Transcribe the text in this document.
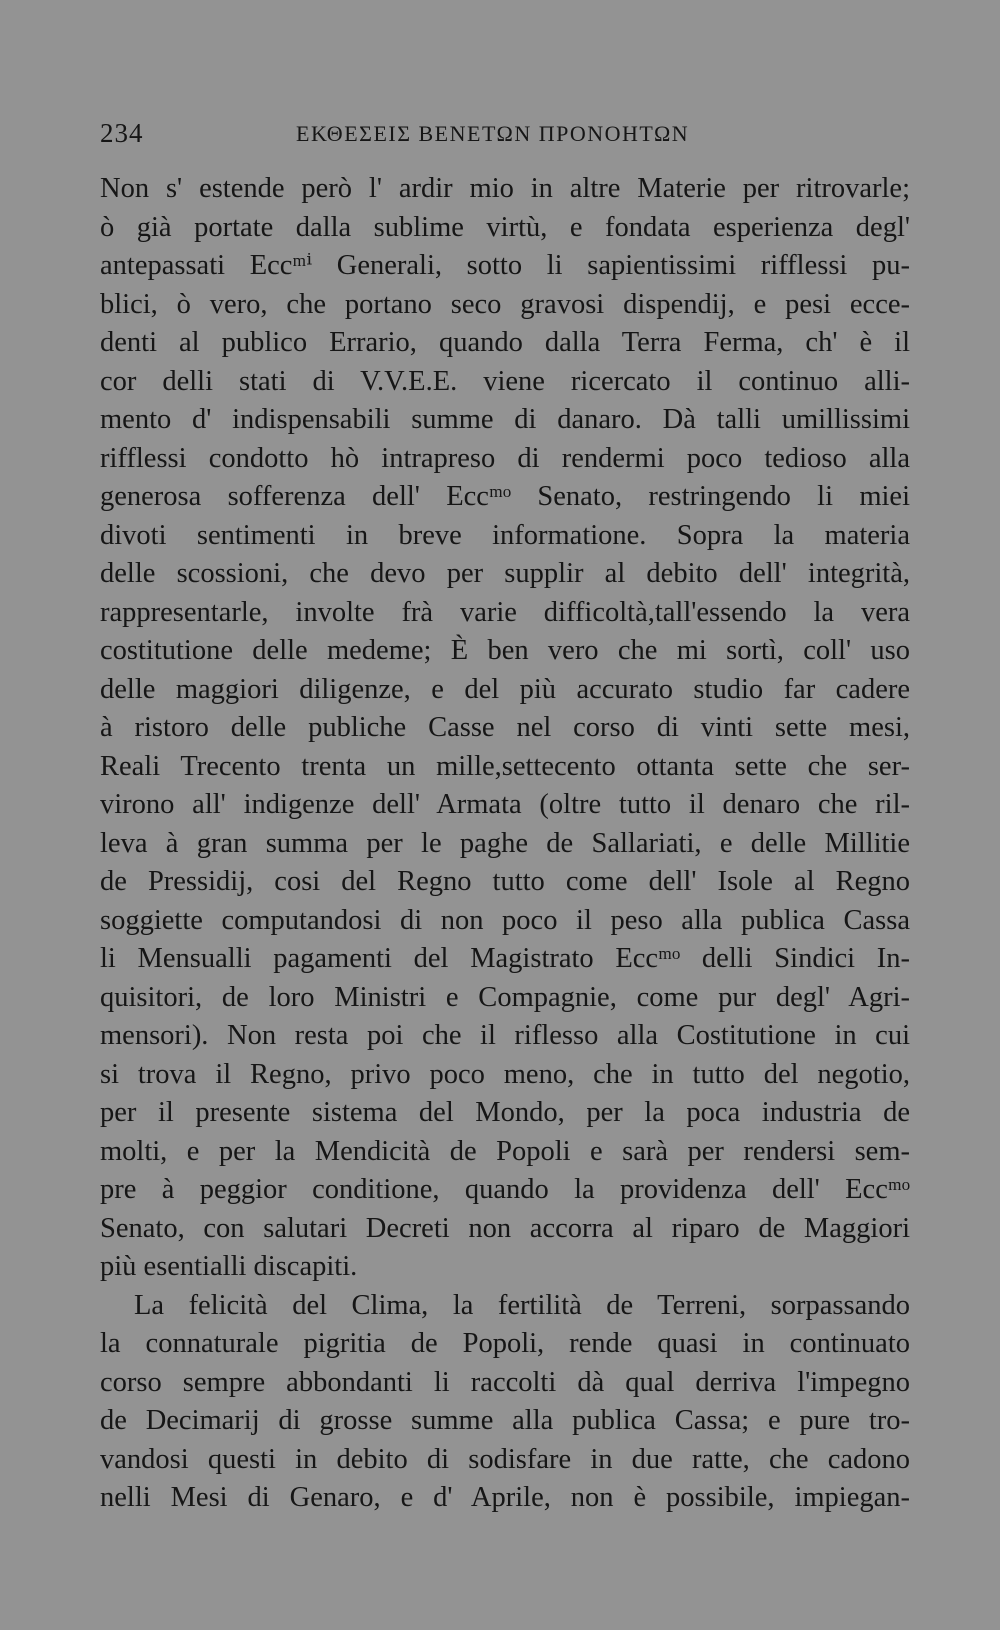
234	ΕΚΘΕΣΕΙΣ ΒΕΝΕΤΩΝ ΠΡΟΝΟΗΤΩΝ
Non s' estende però l' ardir mio in altre Materie per ritrovarle;
ò già portate dalla sublime virtù, e fondata esperienza degl'
antepassati Eccᵐⁱ Generali, sotto li sapientissimi rifflessi pu-
blici, ò vero, che portano seco gravosi dispendij, e pesi ecce-
denti al publico Errario, quando dalla Terra Ferma, ch' è il
cor delli stati di V.V.E.E. viene ricercato il continuo alli-
mento d' indispensabili summe di danaro. Dà talli umillissimi
rifflessi condotto hò intrapreso di rendermi poco tedioso alla
generosa sofferenza dell' Eccᵐᵒ Senato, restringendo li miei
divoti sentimenti in breve informatione. Sopra la materia
delle scossioni, che devo per supplir al debito dell' integrità,
rappresentarle, involte frà varie difficoltà,tall'essendo la vera
costitutione delle medeme; È ben vero che mi sortì, coll' uso
delle maggiori diligenze, e del più accurato studio far cadere
à ristoro delle publiche Casse nel corso di vinti sette mesi,
Reali Trecento trenta un mille,settecento ottanta sette che ser-
virono all' indigenze dell' Armata (oltre tutto il denaro che ril-
leva à gran summa per le paghe de Sallariati, e delle Millitie
de Pressidij, cosi del Regno tutto come dell' Isole al Regno
soggiette computandosi di non poco il peso alla publica Cassa
li Mensualli pagamenti del Magistrato Eccᵐᵒ delli Sindici In-
quisitori, de loro Ministri e Compagnie, come pur degl' Agri-
mensori). Non resta poi che il riflesso alla Costitutione in cui
si trova il Regno, privo poco meno, che in tutto del negotio,
per il presente sistema del Mondo, per la poca industria de
molti, e per la Mendicità de Popoli e sarà per rendersi sem-
pre à peggior conditione, quando la providenza dell' Eccᵐᵒ
Senato, con salutari Decreti non accorra al riparo de Maggiori
più esentialli discapiti.
La felicità del Clima, la fertilità de Terreni, sorpassando
la connaturale pigritia de Popoli, rende quasi in continuato
corso sempre abbondanti li raccolti dà qual derriva l'impegno
de Decimarij di grosse summe alla publica Cassa; e pure tro-
vandosi questi in debito di sodisfare in due ratte, che cadono
nelli Mesi di Genaro, e d' Aprile, non è possibile, impiegan-
